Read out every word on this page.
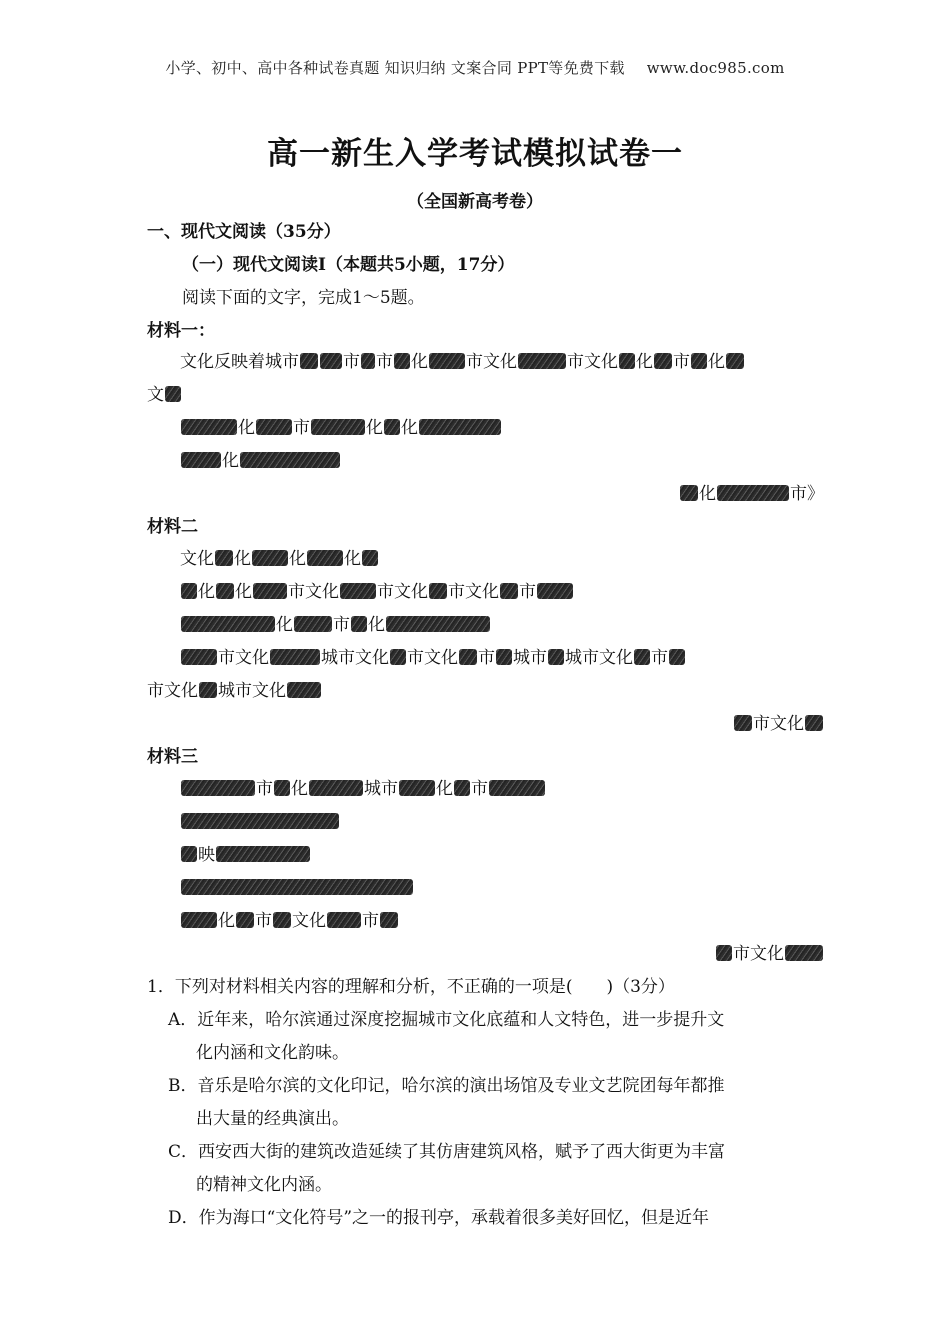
小学、初中、高中各种试卷真题 知识归纳 文案合同 PPT等免费下载 www.doc985.com
高一新生入学考试模拟试卷一
（全国新高考卷）
一、现代文阅读（35分）
（一）现代文阅读Ⅰ（本题共5小题，17分）
阅读下面的文字，完成1～5题。
材料一：
文化反映着城市	市 市 化 市文化	市文化 化 市 化
文
化 市	化 化
化
化	市》
材料二
文化 化 化 化
化 化 市文化 市文化 市文化 市
化 市 化
市文化	城市文化 市文化 市 城市 城市文化 市
市文化 城市文化
市文化
材料三
市 化	城市 化 市
映
化 市 文化 市
市文化
1．下列对材料相关内容的理解和分析，不正确的一项是(　　)（3分）
A．近年来，哈尔滨通过深度挖掘城市文化底蕴和人文特色，进一步提升文
化内涵和文化韵味。
B．音乐是哈尔滨的文化印记，哈尔滨的演出场馆及专业文艺院团每年都推
出大量的经典演出。
C．西安西大街的建筑改造延续了其仿唐建筑风格，赋予了西大街更为丰富
的精神文化内涵。
D．作为海口“文化符号”之一的报刊亭，承载着很多美好回忆，但是近年
